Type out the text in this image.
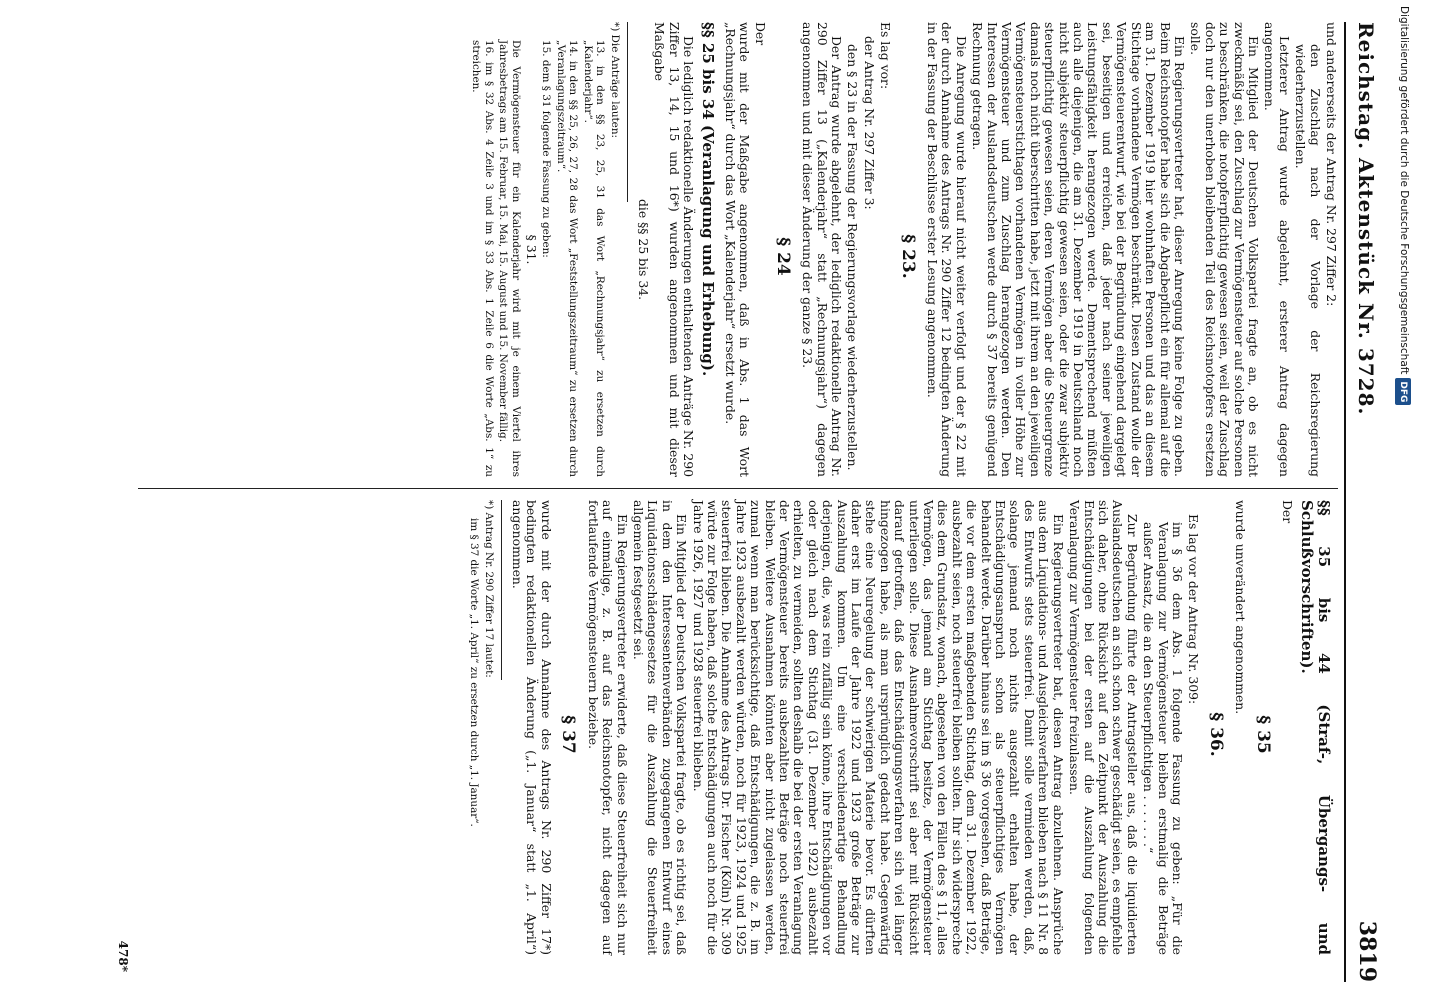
Reichstag. Aktenstück Nr. 3728.
3819

und andererseits der Antrag Nr. 297 Ziffer 2:

den Zuschlag nach der Vorlage der Reichsregierung wiederherzustellen.

Letzterer Antrag wurde abgelehnt, ersterer Antrag dagegen angenommen.

Ein Mitglied der Deutschen Volkspartei fragte an, ob es nicht zweckmäßig sei, den Zuschlag zur Vermögensteuer auf solche Personen zu beschränken, die notopferpflichtig gewesen seien, weil der Zuschlag doch nur den unerhoben bleibenden Teil des Reichsnotopfers ersetzen solle.

Ein Regierungsvertreter hat, dieser Anregung keine Folge zu geben. Beim Reichsnotopfer habe sich die Abgabepflicht ein für allemal auf die am 31. Dezember 1919 hier wohnhaften Personen und das an diesem Stichtage vorhandene Vermögen beschränkt. Diesen Zustand wolle der Vermögensteuerentwurf, wie bei der Begründung eingehend dargelegt sei, beseitigen und erreichen, daß jeder nach seiner jeweiligen Leistungsfähigkeit herangezogen werde. Dementsprechend müßten auch alle diejenigen, die am 31. Dezember 1919 in Deutschland noch nicht subjektiv steuerpflichtig gewesen seien, oder die zwar subjektiv steuerpflichtig gewesen seien, deren Vermögen aber die Steuergrenze damals noch nicht überschritten habe, jetzt mit ihrem an den jeweiligen Vermögensteuerstichtagen vorhandenen Vermögen in voller Höhe zur Vermögensteuer und zum Zuschlag herangezogen werden. Den Interessen der Auslandsdeutschen werde durch § 37 bereits genügend Rechnung getragen.

Die Anregung wurde hierauf nicht weiter verfolgt und der § 22 mit der durch Annahme des Antrags Nr. 290 Ziffer 12 bedingten Änderung in der Fassung der Beschlüsse erster Lesung angenommen.

§ 23.

Es lag vor:

der Antrag Nr. 297 Ziffer 3:

den § 23 in der Fassung der Regierungsvorlage wiederherzustellen.

Der Antrag wurde abgelehnt, der lediglich redaktionelle Antrag Nr. 290 Ziffer 13 („Kalenderjahr“ statt „Rechnungsjahr“) dagegen angenommen und mit dieser Änderung der ganze § 23.

§ 24

Der

wurde mit der Maßgabe angenommen, daß in Abs. 1 das Wort „Rechnungsjahr“ durch das Wort „Kalenderjahr“ ersetzt wurde.

§§ 25 bis 34 (Veranlagung und Erhebung).

Die lediglich redaktionelle Änderungen enthaltenden Anträge Nr. 290 Ziffer 13, 14, 15 und 16*) wurden angenommen und mit dieser Maßgabe

die §§ 25 bis 34.

*) Die Anträge lauten:

13. in den §§ 23, 25, 31 das Wort „Rechnungsjahr“ zu ersetzen durch „Kalenderjahr“.

14. in den §§ 25, 26, 27, 28 das Wort „Feststellungszeitraum“ zu ersetzen durch „Veranlagungszeitraum“.

15. dem § 31 folgende Fassung zu geben:

§ 31.

Die Vermögensteuer für ein Kalenderjahr wird mit je einem Viertel ihres Jahresbetrags am 15. Februar, 15. Mai, 15. August und 15. November fällig.

16. im § 32 Abs. 4 Zeile 3 und im § 33 Abs. 1 Zeile 6 die Worte „Abs. 1“ zu streichen.

§§ 35 bis 44 (Straf-, Übergangs- und Schlußvorschriften).

Der

§ 35

wurde unverändert angenommen.

§ 36.

Es lag vor der Antrag Nr. 309:

im § 36 dem Abs. 1 folgende Fassung zu geben: „Für die Veranlagung zur Vermögensteuer bleiben erstmalig die Beträge außer Ansatz, die an den Steuerpflichtigen . . . . . . .“

Zur Begründung führte der Antragsteller aus, daß die liquidierten Auslandsdeutschen an sich schon schwer geschädigt seien, es empfehle sich daher, ohne Rücksicht auf den Zeitpunkt der Auszahlung die Entschädigungen bei der ersten auf die Auszahlung folgenden Veranlagung zur Vermögensteuer freizulassen.

Ein Regierungsvertreter bat, diesen Antrag abzulehnen. Ansprüche aus dem Liquidations- und Ausgleichsverfahren blieben nach § 11 Nr. 8 des Entwurfs stets steuerfrei. Damit solle vermieden werden, daß, solange jemand noch nichts ausgezahlt erhalten habe, der Entschädigungsanspruch schon als steuerpflichtiges Vermögen behandelt werde. Darüber hinaus sei im § 36 vorgesehen, daß Beträge, die vor dem ersten maßgebenden Stichtag, dem 31. Dezember 1922, ausbezahlt seien, noch steuerfrei bleiben sollten. Ihr sich widerspreche dies dem Grundsatz, wonach, abgesehen von den Fällen des § 11, alles Vermögen, das jemand am Stichtag besitze, der Vermögensteuer unterliegen solle. Diese Ausnahmevorschrift sei aber mit Rücksicht darauf getroffen, daß das Entschädigungsverfahren sich viel länger hingezogen habe, als man ursprünglich gedacht habe. Gegenwärtig stehe eine Neuregelung der schwierigen Materie bevor. Es dürften daher erst im Laufe der Jahre 1922 und 1923 große Beträge zur Auszahlung kommen. Um eine verschiedenartige Behandlung derjenigen, die, was rein zufällig sein könne, ihre Entschädigungen vor oder gleich nach dem Stichtag (31. Dezember 1922) ausbezahlt erhielten, zu vermeiden, sollten deshalb die bei der ersten Veranlagung der Vermögensteuer bereits ausbezahlten Beträge noch steuerfrei bleiben. Weitere Ausnahmen könnten aber nicht zugelassen werden, zumal wenn man berücksichtige, daß Entschädigungen, die z. B. im Jahre 1923 ausbezahlt werden würden, noch für 1923, 1924 und 1925 steuerfrei blieben. Die Annahme des Antrags Dr. Fischer (Köln) Nr. 309 würde zur Folge haben, daß solche Entschädigungen auch noch für die Jahre 1926, 1927 und 1928 steuerfrei blieben.

Ein Mitglied der Deutschen Volkspartei fragte, ob es richtig sei, daß in dem den Interessentenverbänden zugegangenen Entwurf eines Liquidationsschädengesetzes für die Auszahlung die Steuerfreiheit allgemein festgesetzt sei.

Ein Regierungsvertreter erwiderte, daß diese Steuerfreiheit sich nur auf einmalige, z. B. auf das Reichsnotopfer, nicht dagegen auf fortlaufende Vermögensteuern beziehe.

§ 37

wurde mit der durch Annahme des Antrags Nr. 290 Ziffer 17*) bedingten redaktionellen Änderung („1. Januar“ statt „1. April“) angenommen.

*) Antrag Nr. 290 Ziffer 17 lautet:

im § 37 die Worte „1. April“ zu ersetzen durch „1. Januar“.

478*
Digitalisierung gefördert durch die Deutsche ForschungsgemeinschaftDFG
